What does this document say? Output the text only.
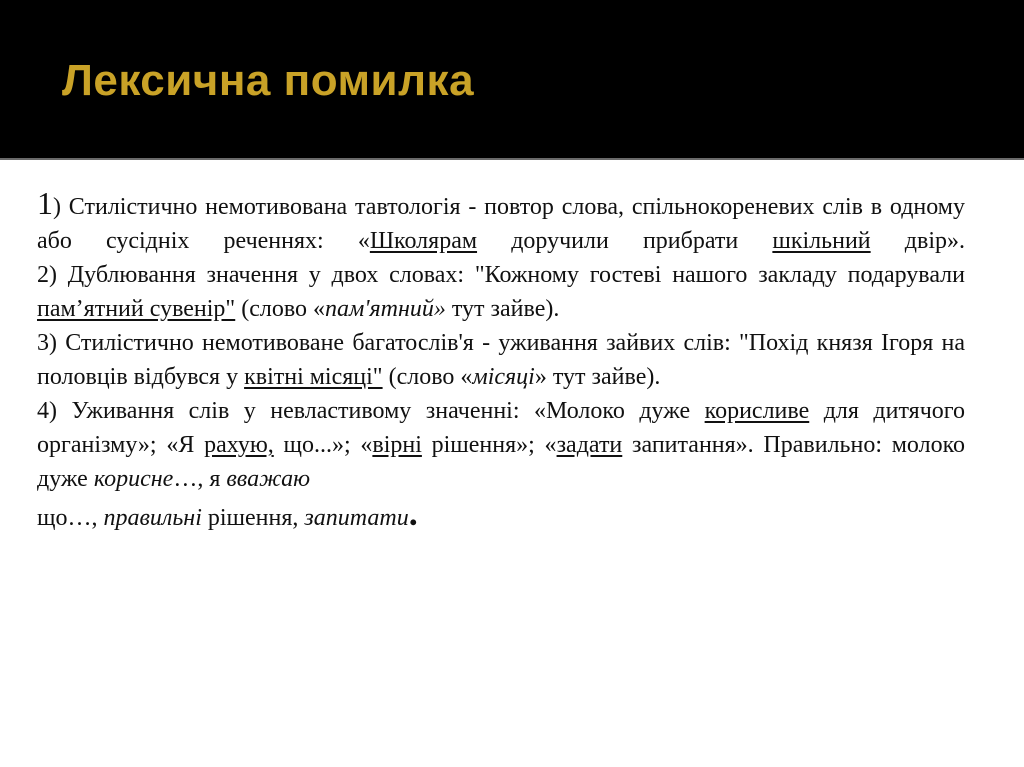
Лексична помилка

1) Стилістично немотивована тавтологія - повтор слова, спільнокореневих слів в одному або сусідніх реченнях: «Школярам доручили прибрати шкільний двір».

2) Дублювання значення у двох словах: "Кожному гостеві нашого закладу подарували пам’ятний сувенір" (слово «пам'ятний» тут зайве).

3) Стилістично немотивоване багатослів'я - уживання зайвих слів: "Похід князя Ігоря на половців відбувся у квітні місяці" (слово «місяці» тут зайве).

4) Уживання слів у невластивому значенні: «Молоко дуже корисливе для дитячого організму»; «Я рахую, що...»; «вірні рішення»; «задати запитання». Правильно: молоко дуже корисне…, я вважаю
що…, правильні рішення, запитати.
